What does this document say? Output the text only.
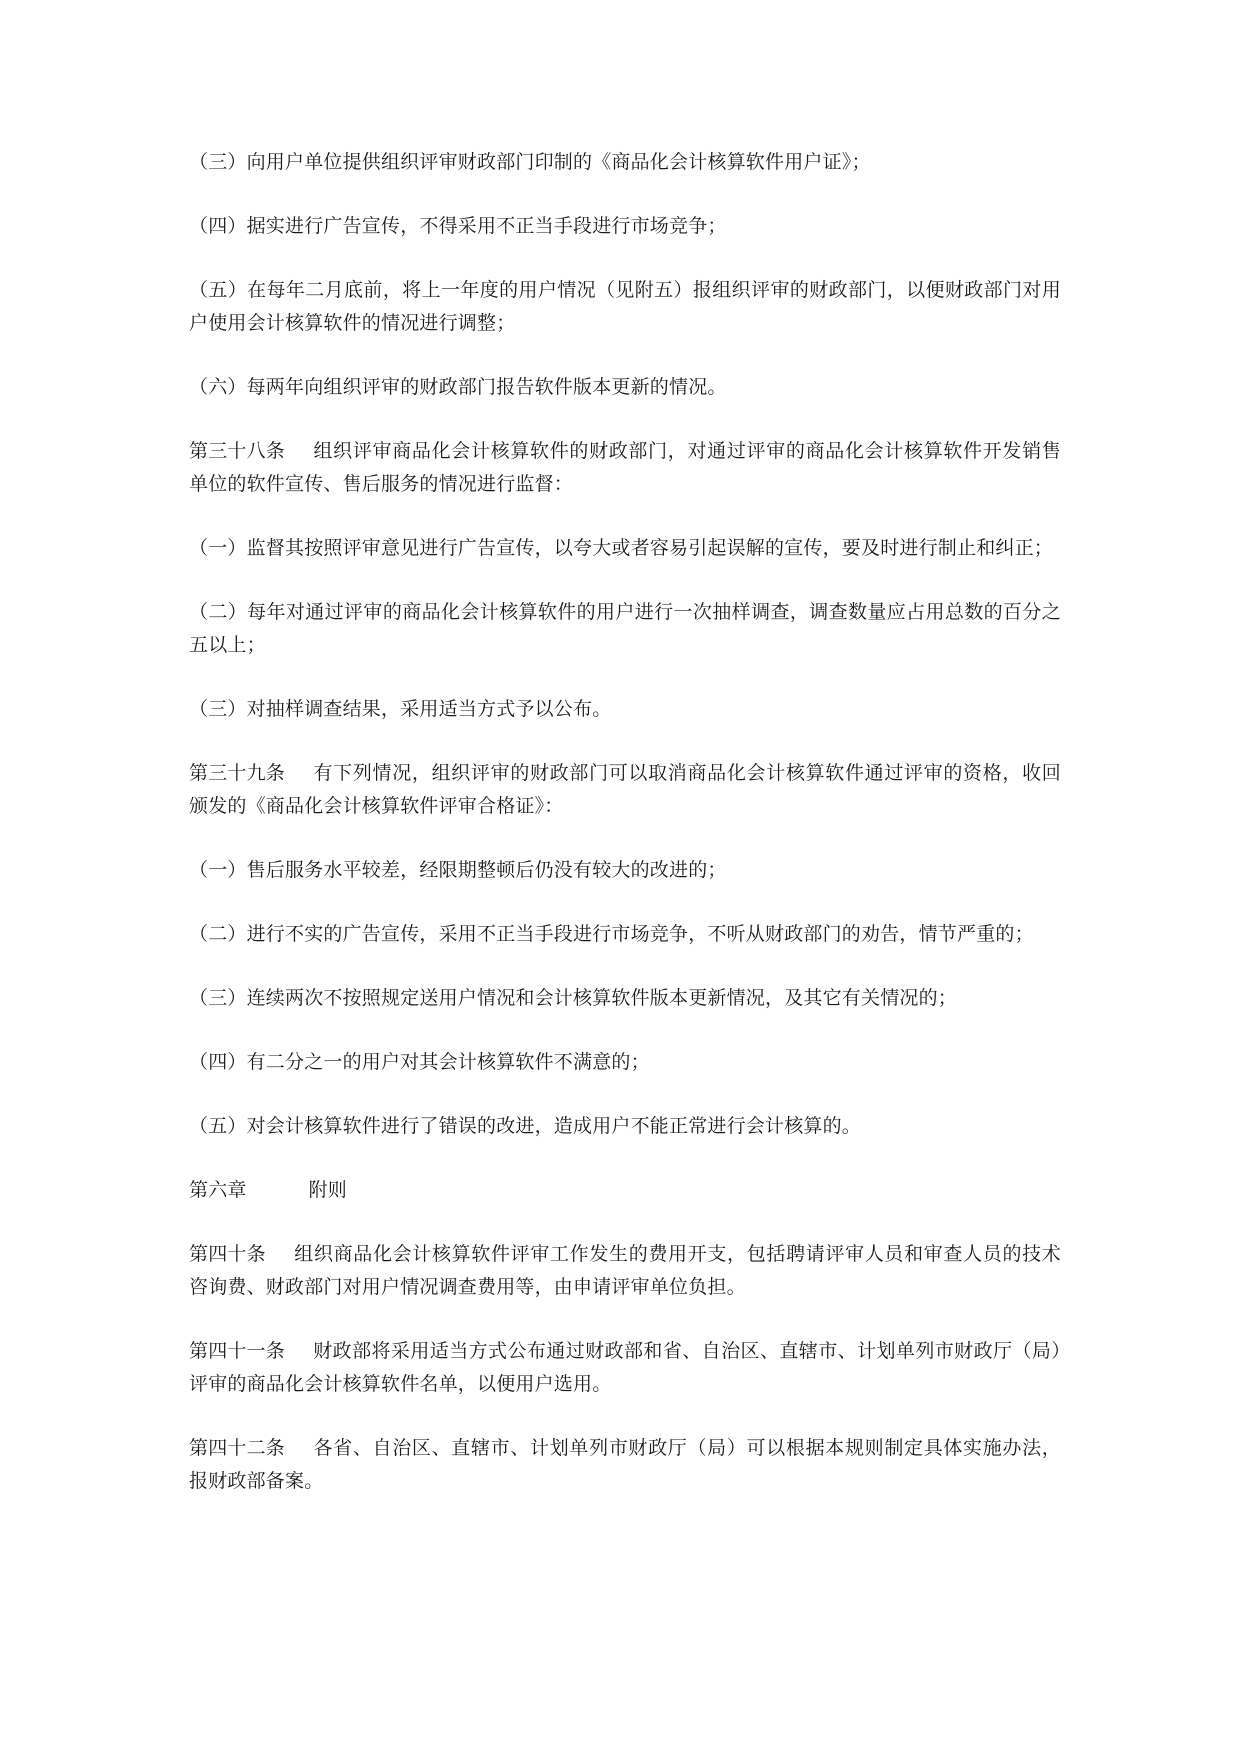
（三）向用户单位提供组织评审财政部门印制的《商品化会计核算软件用户证》；

（四）据实进行广告宣传，不得采用不正当手段进行市场竞争；

（五）在每年二月底前，将上一年度的用户情况（见附五）报组织评审的财政部门，以便财政部门对用户使用会计核算软件的情况进行调整；

（六）每两年向组织评审的财政部门报告软件版本更新的情况。

第三十八条 组织评审商品化会计核算软件的财政部门，对通过评审的商品化会计核算软件开发销售单位的软件宣传、售后服务的情况进行监督：

（一）监督其按照评审意见进行广告宣传，以夸大或者容易引起误解的宣传，要及时进行制止和纠正；

（二）每年对通过评审的商品化会计核算软件的用户进行一次抽样调查，调查数量应占用总数的百分之五以上；

（三）对抽样调查结果，采用适当方式予以公布。

第三十九条 有下列情况，组织评审的财政部门可以取消商品化会计核算软件通过评审的资格，收回颁发的《商品化会计核算软件评审合格证》：

（一）售后服务水平较差，经限期整顿后仍没有较大的改进的；

（二）进行不实的广告宣传，采用不正当手段进行市场竞争，不听从财政部门的劝告，情节严重的；

（三）连续两次不按照规定送用户情况和会计核算软件版本更新情况，及其它有关情况的；

（四）有二分之一的用户对其会计核算软件不满意的；

（五）对会计核算软件进行了错误的改进，造成用户不能正常进行会计核算的。

第六章	附则

第四十条 组织商品化会计核算软件评审工作发生的费用开支，包括聘请评审人员和审查人员的技术咨询费、财政部门对用户情况调查费用等，由申请评审单位负担。

第四十一条 财政部将采用适当方式公布通过财政部和省、自治区、直辖市、计划单列市财政厅（局）评审的商品化会计核算软件名单，以便用户选用。

第四十二条 各省、自治区、直辖市、计划单列市财政厅（局）可以根据本规则制定具体实施办法，报财政部备案。
